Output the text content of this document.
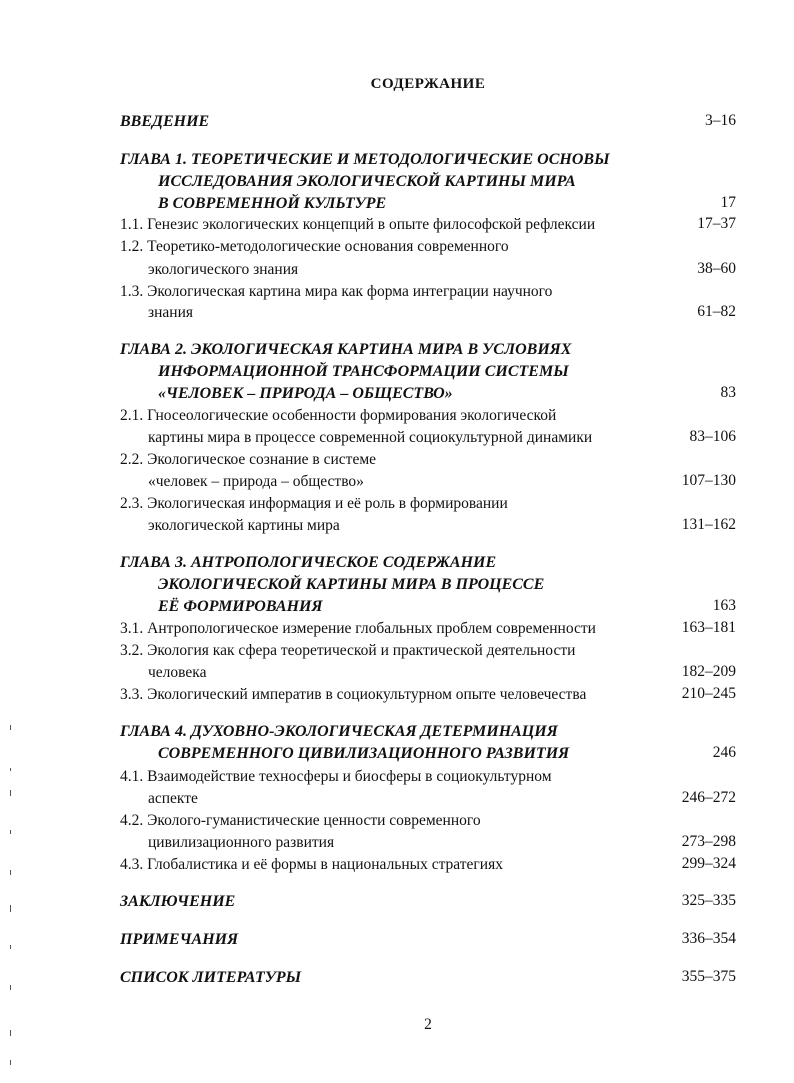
СОДЕРЖАНИЕ
ВВЕДЕНИЕ	3–16
ГЛАВА 1. ТЕОРЕТИЧЕСКИЕ И МЕТОДОЛОГИЧЕСКИЕ ОСНОВЫ
ИССЛЕДОВАНИЯ ЭКОЛОГИЧЕСКОЙ КАРТИНЫ МИРА
В СОВРЕМЕННОЙ КУЛЬТУРЕ	17
1.1. Генезис экологических концепций в опыте философской рефлексии	17–37
1.2. Теоретико-методологические основания современного
экологического знания	38–60
1.3. Экологическая картина мира как форма интеграции научного
знания	61–82
ГЛАВА 2. ЭКОЛОГИЧЕСКАЯ КАРТИНА МИРА В УСЛОВИЯХ
ИНФОРМАЦИОННОЙ ТРАНСФОРМАЦИИ СИСТЕМЫ
«ЧЕЛОВЕК – ПРИРОДА – ОБЩЕСТВО»	83
2.1. Гносеологические особенности формирования экологической
картины мира в процессе современной социокультурной динамики	83–106
2.2. Экологическое сознание в системе
«человек – природа – общество»	107–130
2.3. Экологическая информация и её роль в формировании
экологической картины мира	131–162
ГЛАВА 3. АНТРОПОЛОГИЧЕСКОЕ СОДЕРЖАНИЕ
ЭКОЛОГИЧЕСКОЙ КАРТИНЫ МИРА В ПРОЦЕССЕ
ЕЁ ФОРМИРОВАНИЯ	163
3.1. Антропологическое измерение глобальных проблем современности	163–181
3.2. Экология как сфера теоретической и практической деятельности
человека	182–209
3.3. Экологический императив в социокультурном опыте человечества	210–245
ГЛАВА 4. ДУХОВНО-ЭКОЛОГИЧЕСКАЯ ДЕТЕРМИНАЦИЯ
СОВРЕМЕННОГО ЦИВИЛИЗАЦИОННОГО РАЗВИТИЯ	246
4.1. Взаимодействие техносферы и биосферы в социокультурном
аспекте	246–272
4.2. Эколого-гуманистические ценности современного
цивилизационного развития	273–298
4.3. Глобалистика и её формы в национальных стратегиях	299–324
ЗАКЛЮЧЕНИЕ	325–335
ПРИМЕЧАНИЯ	336–354
СПИСОК ЛИТЕРАТУРЫ	355–375
2
